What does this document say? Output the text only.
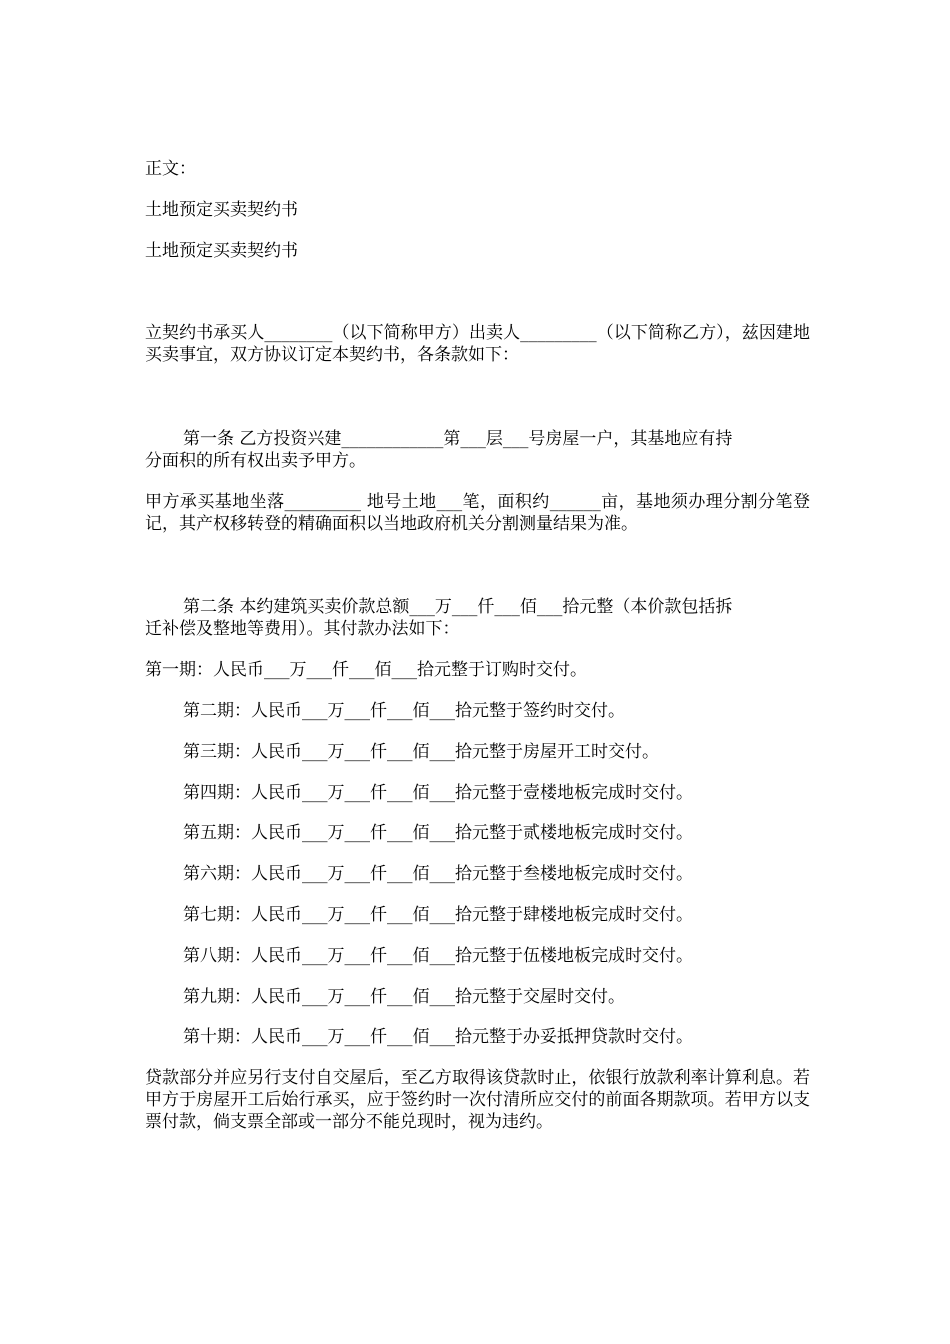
正文：

土地预定买卖契约书

土地预定买卖契约书

立契约书承买人________（以下简称甲方）出卖人_________（以下简称乙方），兹因建地买卖事宜，双方协议订定本契约书，各条款如下：

第一条 乙方投资兴建____________第___层___号房屋一户，其基地应有持

分面积的所有权出卖予甲方。

甲方承买基地坐落_________ 地号土地___笔，面积约______亩，基地须办理分割分笔登记，其产权移转登的精确面积以当地政府机关分割测量结果为准。

第二条 本约建筑买卖价款总额___万___仟___佰___拾元整（本价款包括拆

迁补偿及整地等费用）。其付款办法如下：

第一期：人民币___万___仟___佰___拾元整于订购时交付。

第二期：人民币___万___仟___佰___拾元整于签约时交付。

第三期：人民币___万___仟___佰___拾元整于房屋开工时交付。

第四期：人民币___万___仟___佰___拾元整于壹楼地板完成时交付。

第五期：人民币___万___仟___佰___拾元整于贰楼地板完成时交付。

第六期：人民币___万___仟___佰___拾元整于叁楼地板完成时交付。

第七期：人民币___万___仟___佰___拾元整于肆楼地板完成时交付。

第八期：人民币___万___仟___佰___拾元整于伍楼地板完成时交付。

第九期：人民币___万___仟___佰___拾元整于交屋时交付。

第十期：人民币___万___仟___佰___拾元整于办妥抵押贷款时交付。

贷款部分并应另行支付自交屋后，至乙方取得该贷款时止，依银行放款利率计算利息。若甲方于房屋开工后始行承买，应于签约时一次付清所应交付的前面各期款项。若甲方以支票付款，倘支票全部或一部分不能兑现时，视为违约。
